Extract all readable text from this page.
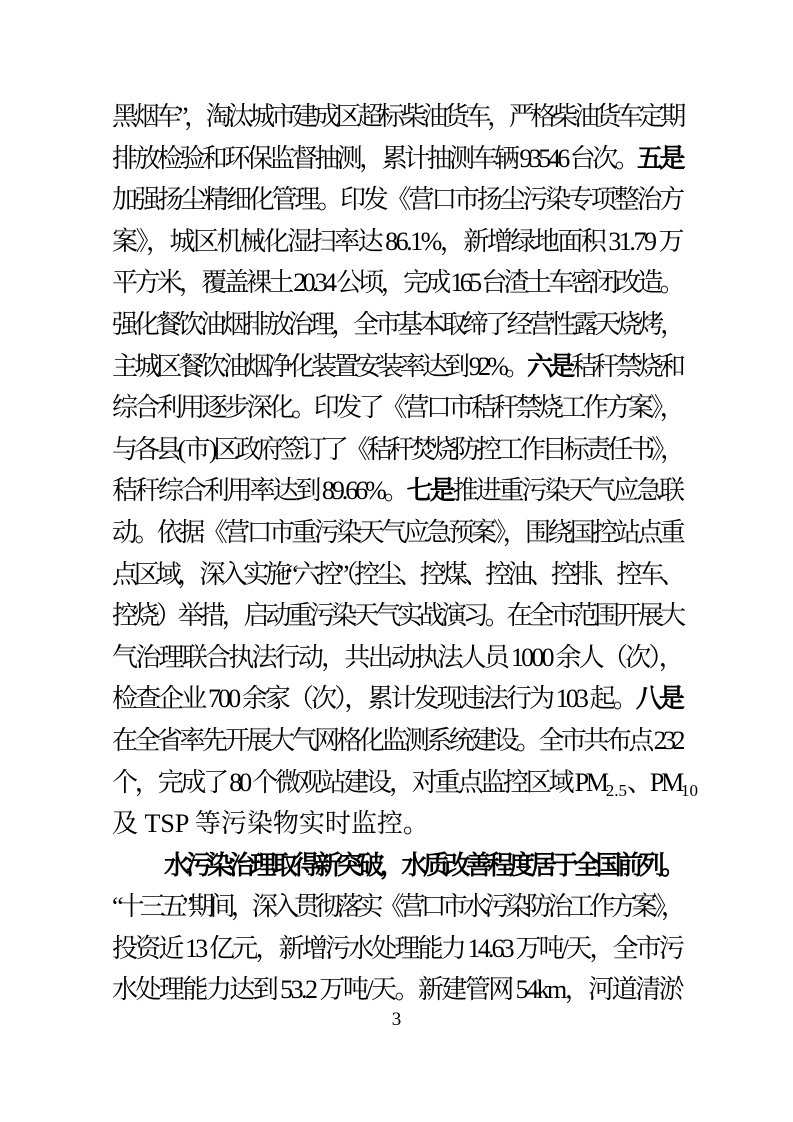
黑烟车”，淘汰城市建成区超标柴油货车，严格柴油货车定期
排放检验和环保监督抽测，累计抽测车辆 93546 台次。五是
加强扬尘精细化管理。印发《营口市扬尘污染专项整治方
案》，城区机械化湿扫率达 86.1%，新增绿地面积 31.79 万
平方米，覆盖裸土 20.34 公顷，完成 165 台渣土车密闭改造。
强化餐饮油烟排放治理，全市基本取缔了经营性露天烧烤，
主城区餐饮油烟净化装置安装率达到 92%。六是秸秆禁烧和
综合利用逐步深化。印发了《营口市秸秆禁烧工作方案》，
与各县( 市 )区政府签订了《秸秆焚烧防控工作目标责任书》，
秸秆综合利用率达到 89.66%。七是推进重污染天气应急联
动。依据《营口市重污染天气应急预案》，围绕国控站点重
点区域，深入实施“六控”（控尘、控煤、控油、控排、控车、
控烧）举措，启动重污染天气实战演习。在全市范围开展大
气治理联合执法行动，共出动执法人员 1000 余人（次），
检查企业 700 余家（次），累计发现违法行为 103 起。八是
在全省率先开展大气网格化监测系统建设。全市共布点 232
个，完成了 80 个微观站建设，对重点监控区域 PM2.5、PM10
及 TSP 等污染物实时监控。
水污染治理取得新突破，水质改善程度居于全国前列。
“十三五”期间，深入贯彻落实《营口市水污染防治工作方案》，
投资近 13 亿元，新增污水处理能力 14.63 万吨/天，全市污
水处理能力达到 53.2 万吨/天。新建管网 54km，河道清淤
3
